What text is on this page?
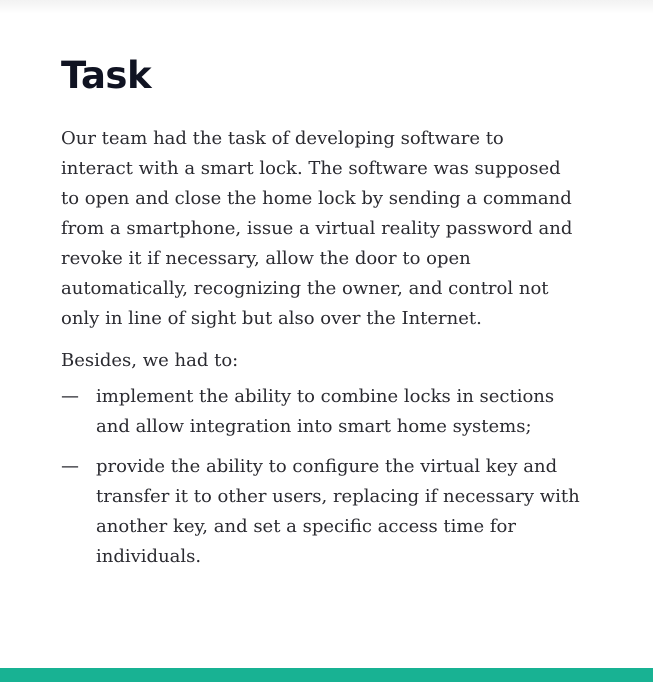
Task

Our team had the task of developing software to interact with a smart lock. The software was supposed to open and close the home lock by sending a command from a smartphone, issue a virtual reality password and revoke it if necessary, allow the door to open automatically, recognizing the owner, and control not only in line of sight but also over the Internet.

Besides, we had to:

— implement the ability to combine locks in sections and allow integration into smart home systems;
— provide the ability to configure the virtual key and transfer it to other users, replacing if necessary with another key, and set a specific access time for individuals.
